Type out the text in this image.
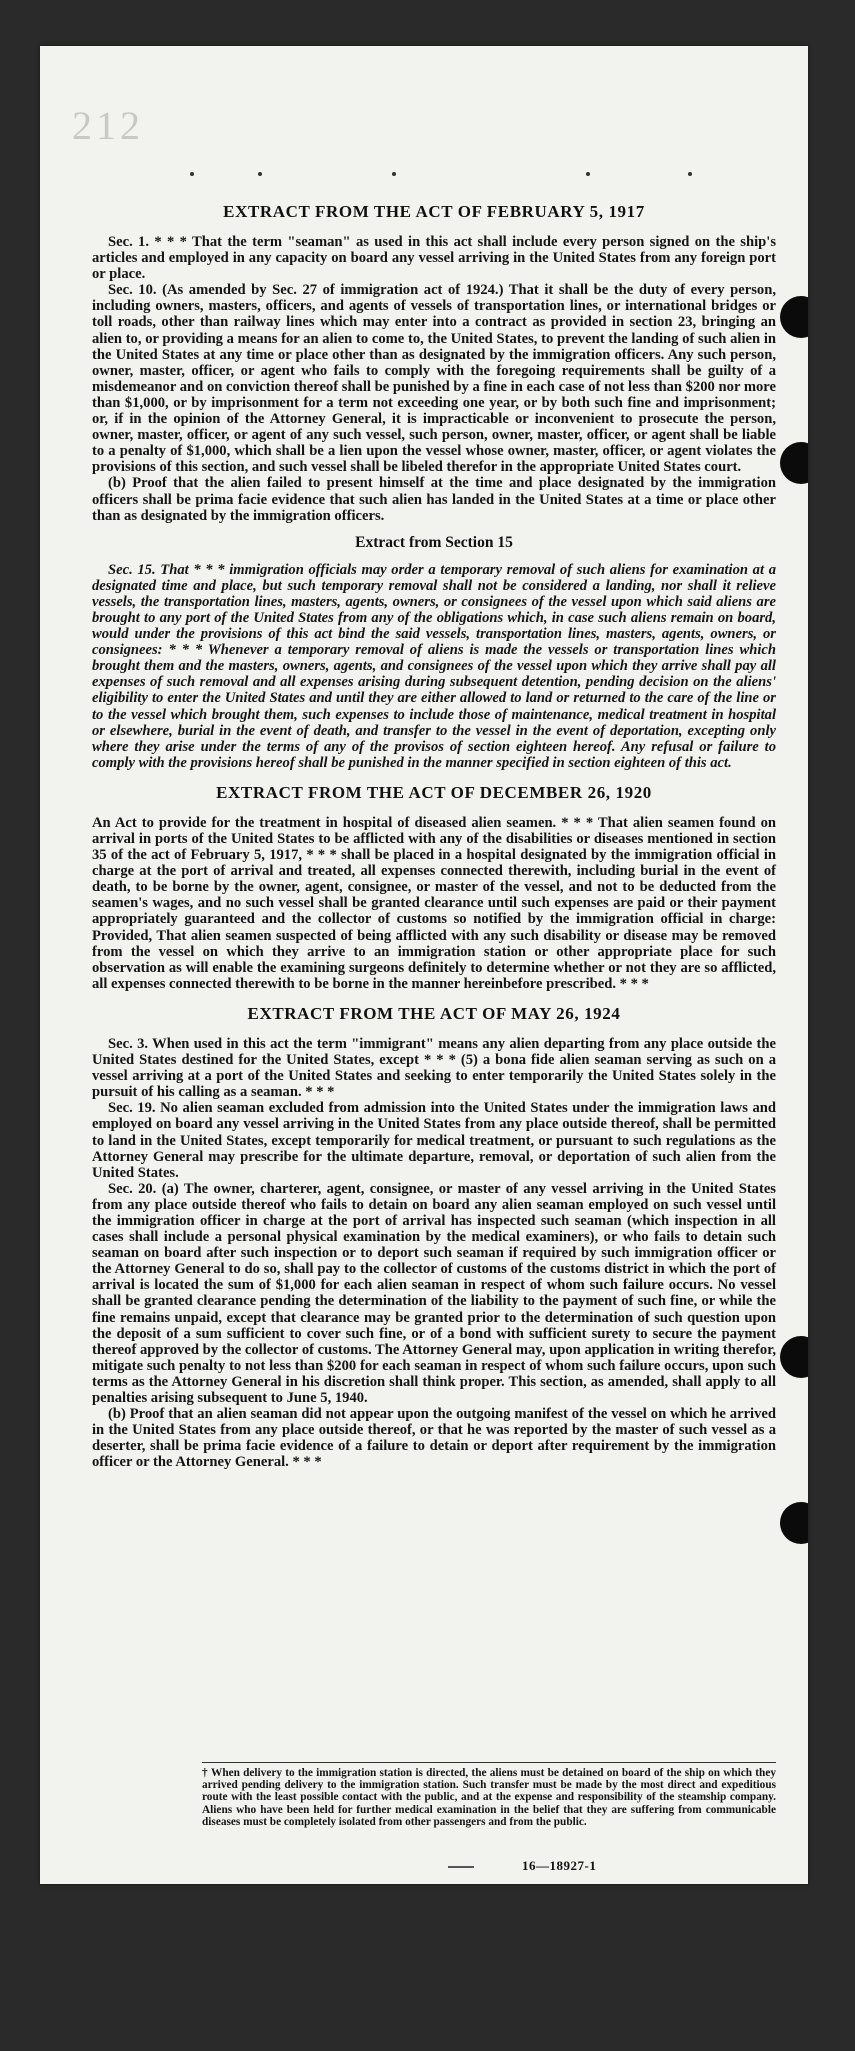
212
EXTRACT FROM THE ACT OF FEBRUARY 5, 1917

Sec. 1. * * * That the term "seaman" as used in this act shall include every person signed on the ship's articles and employed in any capacity on board any vessel arriving in the United States from any foreign port or place.

Sec. 10. (As amended by Sec. 27 of immigration act of 1924.) That it shall be the duty of every person, including owners, masters, officers, and agents of vessels of transportation lines, or international bridges or toll roads, other than railway lines which may enter into a contract as provided in section 23, bringing an alien to, or providing a means for an alien to come to, the United States, to prevent the landing of such alien in the United States at any time or place other than as designated by the immigration officers. Any such person, owner, master, officer, or agent who fails to comply with the foregoing requirements shall be guilty of a misdemeanor and on conviction thereof shall be punished by a fine in each case of not less than $200 nor more than $1,000, or by imprisonment for a term not exceeding one year, or by both such fine and imprisonment; or, if in the opinion of the Attorney General, it is impracticable or inconvenient to prosecute the person, owner, master, officer, or agent of any such vessel, such person, owner, master, officer, or agent shall be liable to a penalty of $1,000, which shall be a lien upon the vessel whose owner, master, officer, or agent violates the provisions of this section, and such vessel shall be libeled therefor in the appropriate United States court.

(b) Proof that the alien failed to present himself at the time and place designated by the immigration officers shall be prima facie evidence that such alien has landed in the United States at a time or place other than as designated by the immigration officers.

Extract from Section 15

Sec. 15. That * * * immigration officials may order a temporary removal of such aliens for examination at a designated time and place, but such temporary removal shall not be considered a landing, nor shall it relieve vessels, the transportation lines, masters, agents, owners, or consignees of the vessel upon which said aliens are brought to any port of the United States from any of the obligations which, in case such aliens remain on board, would under the provisions of this act bind the said vessels, transportation lines, masters, agents, owners, or consignees: * * * Whenever a temporary removal of aliens is made the vessels or transportation lines which brought them and the masters, owners, agents, and consignees of the vessel upon which they arrive shall pay all expenses of such removal and all expenses arising during subsequent detention, pending decision on the aliens' eligibility to enter the United States and until they are either allowed to land or returned to the care of the line or to the vessel which brought them, such expenses to include those of maintenance, medical treatment in hospital or elsewhere, burial in the event of death, and transfer to the vessel in the event of deportation, excepting only where they arise under the terms of any of the provisos of section eighteen hereof. Any refusal or failure to comply with the provisions hereof shall be punished in the manner specified in section eighteen of this act.

EXTRACT FROM THE ACT OF DECEMBER 26, 1920

An Act to provide for the treatment in hospital of diseased alien seamen. * * * That alien seamen found on arrival in ports of the United States to be afflicted with any of the disabilities or diseases mentioned in section 35 of the act of February 5, 1917, * * * shall be placed in a hospital designated by the immigration official in charge at the port of arrival and treated, all expenses connected therewith, including burial in the event of death, to be borne by the owner, agent, consignee, or master of the vessel, and not to be deducted from the seamen's wages, and no such vessel shall be granted clearance until such expenses are paid or their payment appropriately guaranteed and the collector of customs so notified by the immigration official in charge: Provided, That alien seamen suspected of being afflicted with any such disability or disease may be removed from the vessel on which they arrive to an immigration station or other appropriate place for such observation as will enable the examining surgeons definitely to determine whether or not they are so afflicted, all expenses connected therewith to be borne in the manner hereinbefore prescribed. * * *

EXTRACT FROM THE ACT OF MAY 26, 1924

Sec. 3. When used in this act the term "immigrant" means any alien departing from any place outside the United States destined for the United States, except * * * (5) a bona fide alien seaman serving as such on a vessel arriving at a port of the United States and seeking to enter temporarily the United States solely in the pursuit of his calling as a seaman. * * *

Sec. 19. No alien seaman excluded from admission into the United States under the immigration laws and employed on board any vessel arriving in the United States from any place outside thereof, shall be permitted to land in the United States, except temporarily for medical treatment, or pursuant to such regulations as the Attorney General may prescribe for the ultimate departure, removal, or deportation of such alien from the United States.

Sec. 20. (a) The owner, charterer, agent, consignee, or master of any vessel arriving in the United States from any place outside thereof who fails to detain on board any alien seaman employed on such vessel until the immigration officer in charge at the port of arrival has inspected such seaman (which inspection in all cases shall include a personal physical examination by the medical examiners), or who fails to detain such seaman on board after such inspection or to deport such seaman if required by such immigration officer or the Attorney General to do so, shall pay to the collector of customs of the customs district in which the port of arrival is located the sum of $1,000 for each alien seaman in respect of whom such failure occurs. No vessel shall be granted clearance pending the determination of the liability to the payment of such fine, or while the fine remains unpaid, except that clearance may be granted prior to the determination of such question upon the deposit of a sum sufficient to cover such fine, or of a bond with sufficient surety to secure the payment thereof approved by the collector of customs. The Attorney General may, upon application in writing therefor, mitigate such penalty to not less than $200 for each seaman in respect of whom such failure occurs, upon such terms as the Attorney General in his discretion shall think proper. This section, as amended, shall apply to all penalties arising subsequent to June 5, 1940.

(b) Proof that an alien seaman did not appear upon the outgoing manifest of the vessel on which he arrived in the United States from any place outside thereof, or that he was reported by the master of such vessel as a deserter, shall be prima facie evidence of a failure to detain or deport after requirement by the immigration officer or the Attorney General. * * *

† When delivery to the immigration station is directed, the aliens must be detained on board of the ship on which they arrived pending delivery to the immigration station. Such transfer must be made by the most direct and expeditious route with the least possible contact with the public, and at the expense and responsibility of the steamship company. Aliens who have been held for further medical examination in the belief that they are suffering from communicable diseases must be completely isolated from other passengers and from the public.

16—18927-1
